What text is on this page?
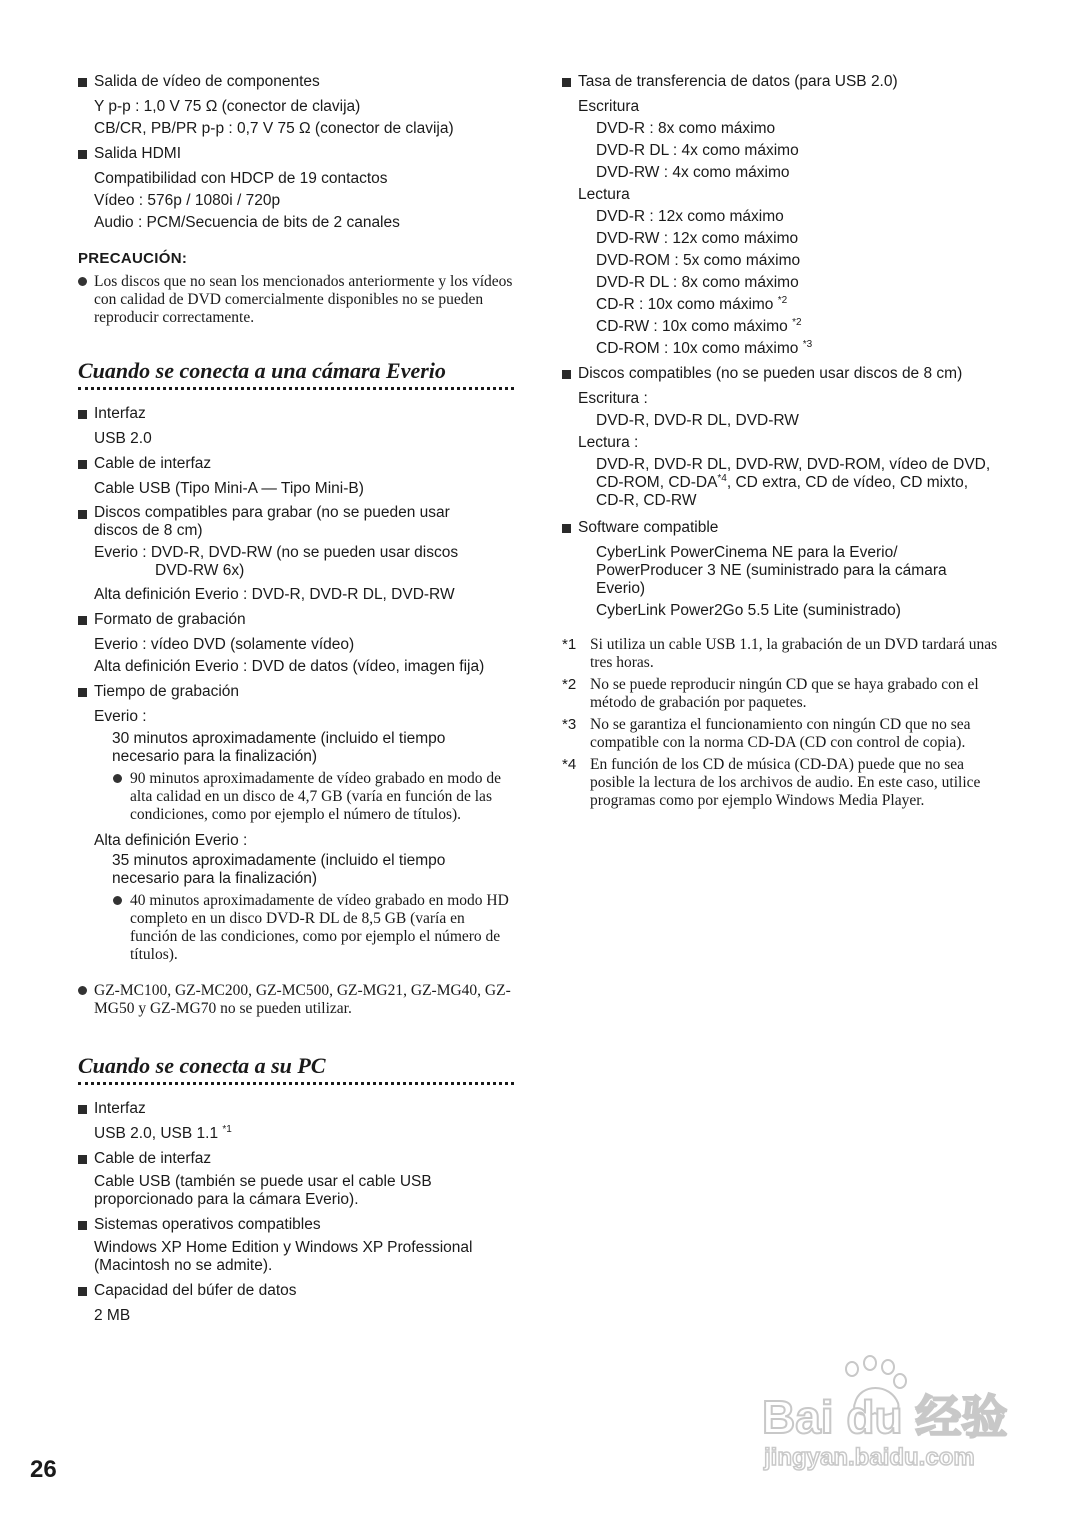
Salida de vídeo de componentes
Y p-p : 1,0 V 75 Ω (conector de clavija)
CB/CR, PB/PR p-p : 0,7 V 75 Ω (conector de clavija)
Salida HDMI
Compatibilidad con HDCP de 19 contactos
Vídeo : 576p / 1080i / 720p
Audio : PCM/Secuencia de bits de 2 canales
PRECAUCIÓN:
Los discos que no sean los mencionados anteriormente y los vídeos con calidad de DVD comercialmente disponibles no se pueden reproducir correctamente.
Cuando se conecta a una cámara Everio
Interfaz
USB 2.0
Cable de interfaz
Cable USB (Tipo Mini-A — Tipo Mini-B)
Discos compatibles para grabar (no se pueden usar discos de 8 cm)
Everio : DVD-R, DVD-RW (no se pueden usar discos
DVD-RW 6x)
Alta definición Everio : DVD-R, DVD-R DL, DVD-RW
Formato de grabación
Everio : vídeo DVD (solamente vídeo)
Alta definición Everio : DVD de datos (vídeo, imagen fija)
Tiempo de grabación
Everio :
30 minutos aproximadamente (incluido el tiempo necesario para la finalización)
90 minutos aproximadamente de vídeo grabado en modo de alta calidad en un disco de 4,7 GB (varía en función de las condiciones, como por ejemplo el número de títulos).
Alta definición Everio :
35 minutos aproximadamente (incluido el tiempo necesario para la finalización)
40 minutos aproximadamente de vídeo grabado en modo HD completo en un disco DVD-R DL de 8,5 GB (varía en función de las condiciones, como por ejemplo el número de títulos).
GZ-MC100, GZ-MC200, GZ-MC500, GZ-MG21, GZ-MG40, GZ-MG50 y GZ-MG70 no se pueden utilizar.
Cuando se conecta a su PC
Interfaz
USB 2.0, USB 1.1 $^{*1}$
Cable de interfaz
Cable USB (también se puede usar el cable USB proporcionado para la cámara Everio).
Sistemas operativos compatibles
Windows XP Home Edition y Windows XP Professional (Macintosh no se admite).
Capacidad del búfer de datos
2 MB
Tasa de transferencia de datos (para USB 2.0)
Escritura
DVD-R : 8x como máximo
DVD-R DL : 4x como máximo
DVD-RW : 4x como máximo
Lectura
DVD-R : 12x como máximo
DVD-RW : 12x como máximo
DVD-ROM : 5x como máximo
DVD-R DL : 8x como máximo
CD-R : 10x como máximo $^{*2}$
CD-RW : 10x como máximo $^{*2}$
CD-ROM : 10x como máximo $^{*3}$
Discos compatibles (no se pueden usar discos de 8 cm)
Escritura :
DVD-R, DVD-R DL, DVD-RW
Lectura :
DVD-R, DVD-R DL, DVD-RW, DVD-ROM, vídeo de DVD, CD-ROM, CD-DA$^{*4}$, CD extra, CD de vídeo, CD mixto, CD-R, CD-RW
Software compatible
CyberLink PowerCinema NE para la Everio/ PowerProducer 3 NE (suministrado para la cámara Everio)
CyberLink Power2Go 5.5 Lite (suministrado)
*1 Si utiliza un cable USB 1.1, la grabación de un DVD tardará unas tres horas.
*2 No se puede reproducir ningún CD que se haya grabado con el método de grabación por paquetes.
*3 No se garantiza el funcionamiento con ningún CD que no sea compatible con la norma CD-DA (CD con control de copia).
*4 En función de los CD de música (CD-DA) puede que no sea posible la lectura de los archivos de audio. En este caso, utilice programas como por ejemplo Windows Media Player.
26
Bai du 经验
jingyan.baidu.com
